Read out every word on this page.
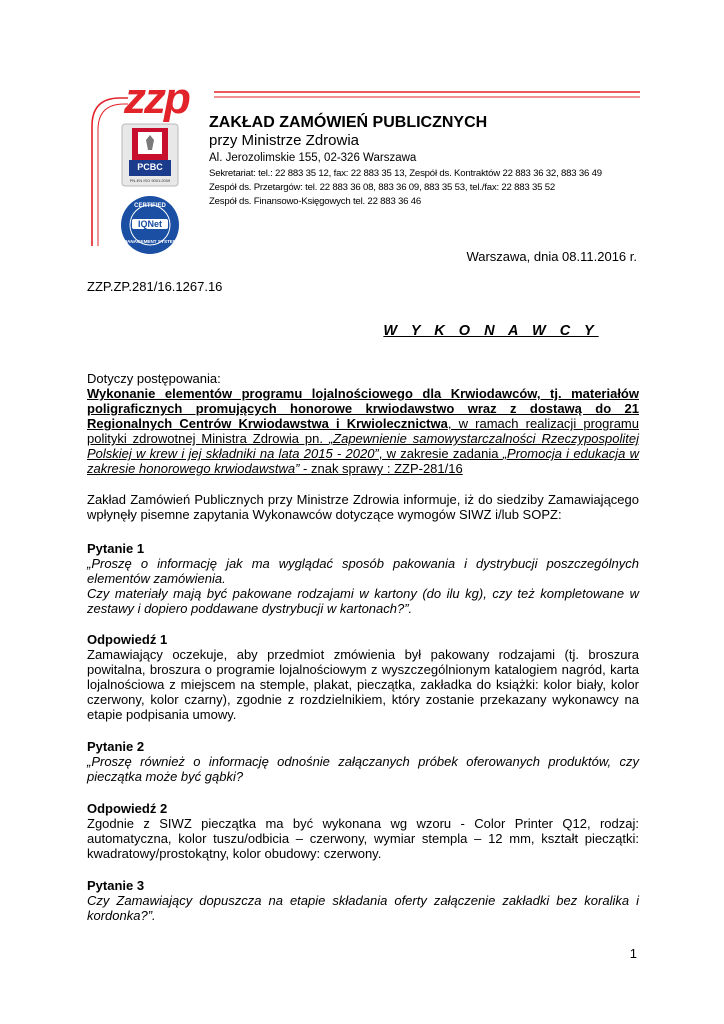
zzp
PCBC
PN-EN ISO 9001:2009
CERTIFIED
IQNet
MANAGEMENT SYSTEM
ZAKŁAD ZAMÓWIEŃ PUBLICZNYCH
przy Ministrze Zdrowia
Al. Jerozolimskie 155, 02-326 Warszawa
Sekretariat: tel.: 22 883 35 12, fax: 22 883 35 13, Zespół ds. Kontraktów 22 883 36 32, 883 36 49
Zespół ds. Przetargów: tel. 22 883 36 08, 883 36 09, 883 35 53, tel./fax: 22 883 35 52
Zespół ds. Finansowo-Księgowych tel. 22 883 36 46
Warszawa, dnia 08.11.2016 r.
ZZP.ZP.281/16.1267.16
W Y K O N A W C Y
Dotyczy postępowania:
Wykonanie elementów programu lojalnościowego dla Krwiodawców, tj. materiałów
poligraficznych promujących honorowe krwiodawstwo wraz z dostawą do 21
Regionalnych Centrów Krwiodawstwa i Krwiolecznictwa, w ramach realizacji programu
polityki zdrowotnej Ministra Zdrowia pn. „Zapewnienie samowystarczalności Rzeczypospolitej
Polskiej w krew i jej składniki na lata 2015 - 2020”, w zakresie zadania „Promocja i edukacja w
zakresie honorowego krwiodawstwa” - znak sprawy : ZZP-281/16
Zakład Zamówień Publicznych przy Ministrze Zdrowia informuje, iż do siedziby Zamawiającego
wpłynęły pisemne zapytania Wykonawców dotyczące wymogów SIWZ i/lub SOPZ:
Pytanie 1
„Proszę o informację jak ma wyglądać sposób pakowania i dystrybucji poszczególnych
elementów zamówienia.
Czy materiały mają być pakowane rodzajami w kartony (do ilu kg), czy też kompletowane w
zestawy i dopiero poddawane dystrybucji w kartonach?”.
Odpowiedź 1
Zamawiający oczekuje, aby przedmiot zmówienia był pakowany rodzajami (tj. broszura
powitalna, broszura o programie lojalnościowym z wyszczególnionym katalogiem nagród, karta
lojalnościowa z miejscem na stemple, plakat, pieczątka, zakładka do książki: kolor biały, kolor
czerwony, kolor czarny), zgodnie z rozdzielnikiem, który zostanie przekazany wykonawcy na
etapie podpisania umowy.
Pytanie 2
„Proszę również o informację odnośnie załączanych próbek oferowanych produktów, czy
pieczątka może być gąbki?
Odpowiedź 2
Zgodnie z SIWZ pieczątka ma być wykonana wg wzoru - Color Printer Q12, rodzaj:
automatyczna, kolor tuszu/odbicia – czerwony, wymiar stempla – 12 mm, kształt pieczątki:
kwadratowy/prostokątny, kolor obudowy: czerwony.
Pytanie 3
Czy Zamawiający dopuszcza na etapie składania oferty załączenie zakładki bez koralika i
kordonka?”.
1
